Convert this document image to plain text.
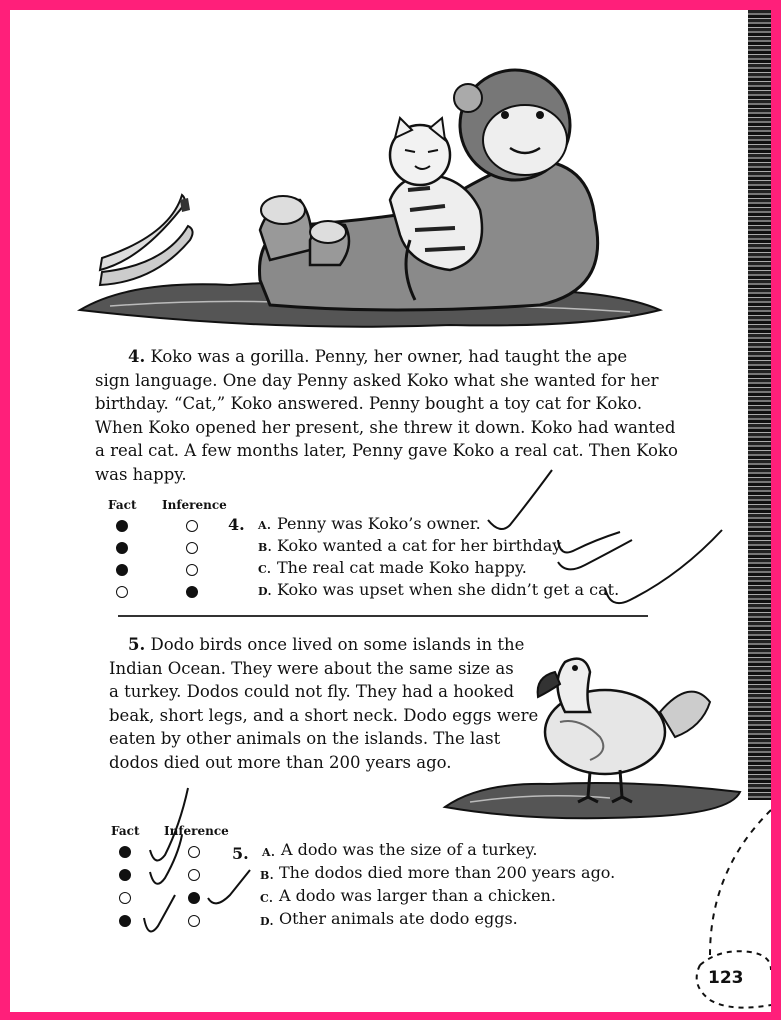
4. Koko was a gorilla. Penny, her owner, had taught the ape
sign language. One day Penny asked Koko what she wanted for her
birthday. “Cat,” Koko answered. Penny bought a toy cat for Koko.
When Koko opened her present, she threw it down. Koko had wanted
a real cat. A few months later, Penny gave Koko a real cat. Then Koko
was happy.
Fact Inference
4. A. Penny was Koko’s owner.
B. Koko wanted a cat for her birthday.
C. The real cat made Koko happy.
D. Koko was upset when she didn’t get a cat.
5. Dodo birds once lived on some islands in the
Indian Ocean. They were about the same size as
a turkey. Dodos could not fly. They had a hooked
beak, short legs, and a short neck. Dodo eggs were
eaten by other animals on the islands. The last
dodos died out more than 200 years ago.
Fact Inference
5. A. A dodo was the size of a turkey.
B. The dodos died more than 200 years ago.
C. A dodo was larger than a chicken.
D. Other animals ate dodo eggs.
123
